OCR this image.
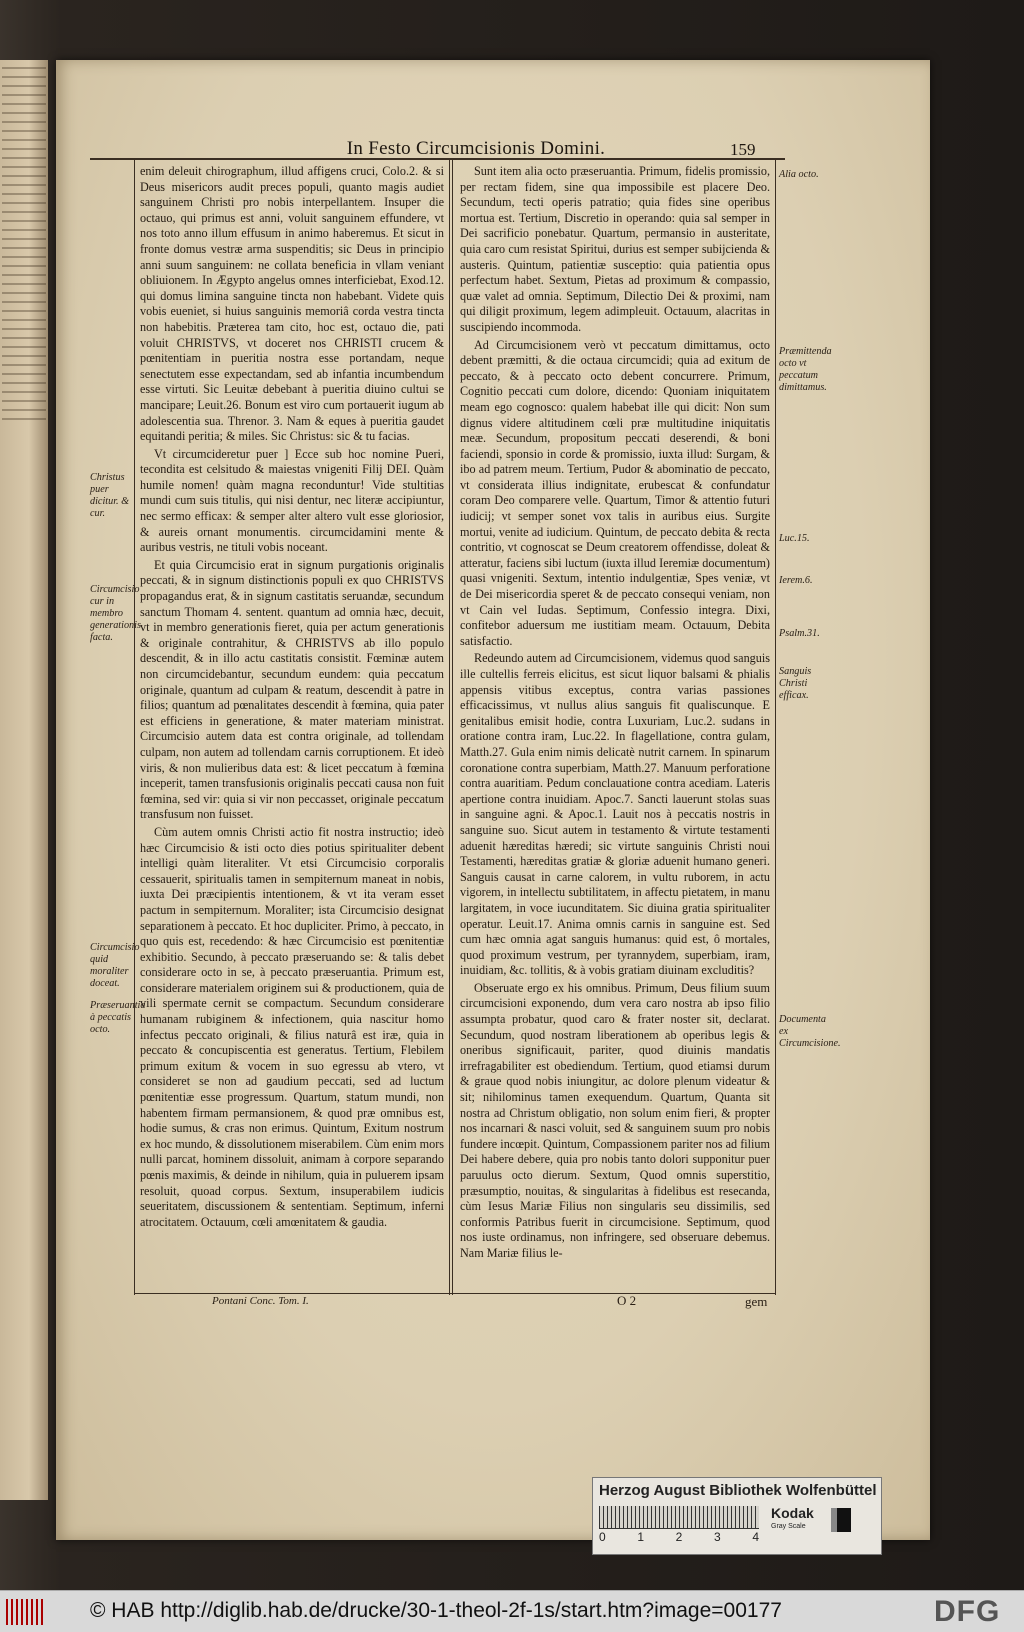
In Festo Circumcisionis Domini.	159
Christus puer dicitur. & cur.
Circumcisio cur in membro generationis facta.
Circumcisio quid moraliter doceat.
Præseruantia à peccatis octo.

enim deleuit chirographum, illud affigens cruci, Colo.2. & si Deus misericors audit preces populi, quanto magis audiet sanguinem Christi pro nobis interpellantem. Insuper die octauo, qui primus est anni, voluit sanguinem effundere, vt nos toto anno illum effusum in animo haberemus. Et sicut in fronte domus vestræ arma suspenditis; sic Deus in principio anni suum sanguinem: ne collata beneficia in vllam veniant obliuionem. In Ægypto angelus omnes interficiebat, Exod.12. qui domus limina sanguine tincta non habebant. Videte quis vobis eueniet, si huius sanguinis memoriâ corda vestra tincta non habebitis. Præterea tam cito, hoc est, octauo die, pati voluit CHRISTVS, vt doceret nos CHRISTI crucem & pœnitentiam in pueritia nostra esse portandam, neque senectutem esse expectandam, sed ab infantia incumbendum esse virtuti. Sic Leuitæ debebant à pueritia diuino cultui se mancipare; Leuit.26. Bonum est viro cum portauerit iugum ab adolescentia sua. Threnor. 3. Nam & eques à pueritia gaudet equitandi peritia; & miles. Sic Christus: sic & tu facias.

Vt circumcideretur puer ] Ecce sub hoc nomine Pueri, tecondita est celsitudo & maiestas vnigeniti Filij DEI. Quàm humile nomen! quàm magna reconduntur! Vide stultitias mundi cum suis titulis, qui nisi dentur, nec literæ accipiuntur, nec sermo efficax: & semper alter altero vult esse gloriosior, & aureis ornant monumentis. circumcidamini mente & auribus vestris, ne tituli vobis noceant.

Et quia Circumcisio erat in signum purgationis originalis peccati, & in signum distinctionis populi ex quo CHRISTVS propagandus erat, & in signum castitatis seruandæ, secundum sanctum Thomam 4. sentent. quantum ad omnia hæc, decuit, vt in membro generationis fieret, quia per actum generationis & originale contrahitur, & CHRISTVS ab illo populo descendit, & in illo actu castitatis consistit. Fœminæ autem non circumcidebantur, secundum eundem: quia peccatum originale, quantum ad culpam & reatum, descendit à patre in filios; quantum ad pœnalitates descendit à fœmina, quia pater est efficiens in generatione, & mater materiam ministrat. Circumcisio autem data est contra originale, ad tollendam culpam, non autem ad tollendam carnis corruptionem. Et ideò viris, & non mulieribus data est: & licet peccatum à fœmina inceperit, tamen transfusionis originalis peccati causa non fuit fœmina, sed vir: quia si vir non peccasset, originale peccatum transfusum non fuisset.

Cùm autem omnis Christi actio fit nostra instructio; ideò hæc Circumcisio & isti octo dies potius spiritualiter debent intelligi quàm literaliter. Vt etsi Circumcisio corporalis cessauerit, spiritualis tamen in sempiternum maneat in nobis, iuxta Dei præcipientis intentionem, & vt ita veram esset pactum in sempiternum. Moraliter; ista Circumcisio designat separationem à peccato. Et hoc dupliciter. Primo, à peccato, in quo quis est, recedendo: & hæc Circumcisio est pœnitentiæ exhibitio. Secundo, à peccato præseruando se: & talis debet considerare octo in se, à peccato præseruantia. Primum est, considerare materialem originem sui & productionem, quia de vili spermate cernit se compactum. Secundum considerare humanam rubiginem & infectionem, quia nascitur homo infectus peccato originali, & filius naturâ est iræ, quia in peccato & concupiscentia est generatus. Tertium, Flebilem primum exitum & vocem in suo egressu ab vtero, vt consideret se non ad gaudium peccati, sed ad luctum pœnitentiæ esse progressum. Quartum, statum mundi, non habentem firmam permansionem, & quod præ omnibus est, hodie sumus, & cras non erimus. Quintum, Exitum nostrum ex hoc mundo, & dissolutionem miserabilem. Cùm enim mors nulli parcat, hominem dissoluit, animam à corpore separando pœnis maximis, & deinde in nihilum, quia in puluerem ipsam resoluit, quoad corpus. Sextum, insuperabilem iudicis seueritatem, discussionem & sententiam. Septimum, inferni atrocitatem. Octauum, cœli amœnitatem & gaudia.

Sunt item alia octo præseruantia. Primum, fidelis promissio, per rectam fidem, sine qua impossibile est placere Deo. Secundum, tecti operis patratio; quia fides sine operibus mortua est. Tertium, Discretio in operando: quia sal semper in Dei sacrificio ponebatur. Quartum, permansio in austeritate, quia caro cum resistat Spiritui, durius est semper subijcienda & austeris. Quintum, patientiæ susceptio: quia patientia opus perfectum habet. Sextum, Pietas ad proximum & compassio, quæ valet ad omnia. Septimum, Dilectio Dei & proximi, nam qui diligit proximum, legem adimpleuit. Octauum, alacritas in suscipiendo incommoda.

Ad Circumcisionem verò vt peccatum dimittamus, octo debent præmitti, & die octaua circumcidi; quia ad exitum de peccato, & à peccato octo debent concurrere. Primum, Cognitio peccati cum dolore, dicendo: Quoniam iniquitatem meam ego cognosco: qualem habebat ille qui dicit: Non sum dignus videre altitudinem cœli præ multitudine iniquitatis meæ. Secundum, propositum peccati deserendi, & boni faciendi, sponsio in corde & promissio, iuxta illud: Surgam, & ibo ad patrem meum. Tertium, Pudor & abominatio de peccato, vt considerata illius indignitate, erubescat & confundatur coram Deo comparere velle. Quartum, Timor & attentio futuri iudicij; vt semper sonet vox talis in auribus eius. Surgite mortui, venite ad iudicium. Quintum, de peccato debita & recta contritio, vt cognoscat se Deum creatorem offendisse, doleat & atteratur, faciens sibi luctum (iuxta illud Ieremiæ documentum) quasi vnigeniti. Sextum, intentio indulgentiæ, Spes veniæ, vt de Dei misericordia speret & de peccato consequi veniam, non vt Cain vel Iudas. Septimum, Confessio integra. Dixi, confitebor aduersum me iustitiam meam. Octauum, Debita satisfactio.

Redeundo autem ad Circumcisionem, videmus quod sanguis ille cultellis ferreis elicitus, est sicut liquor balsami & phialis appensis vitibus exceptus, contra varias passiones efficacissimus, vt nullus alius sanguis fit qualiscunque. E genitalibus emisit hodie, contra Luxuriam, Luc.2. sudans in oratione contra iram, Luc.22. In flagellatione, contra gulam, Matth.27. Gula enim nimis delicatè nutrit carnem. In spinarum coronatione contra superbiam, Matth.27. Manuum perforatione contra auaritiam. Pedum conclauatione contra acediam. Lateris apertione contra inuidiam. Apoc.7. Sancti lauerunt stolas suas in sanguine agni. & Apoc.1. Lauit nos à peccatis nostris in sanguine suo. Sicut autem in testamento & virtute testamenti aduenit hæreditas hæredi; sic virtute sanguinis Christi noui Testamenti, hæreditas gratiæ & gloriæ aduenit humano generi. Sanguis causat in carne calorem, in vultu ruborem, in actu vigorem, in intellectu subtilitatem, in affectu pietatem, in manu largitatem, in voce iucunditatem. Sic diuina gratia spiritualiter operatur. Leuit.17. Anima omnis carnis in sanguine est. Sed cum hæc omnia agat sanguis humanus: quid est, ô mortales, quod proximum vestrum, per tyrannydem, superbiam, iram, inuidiam, &c. tollitis, & à vobis gratiam diuinam excluditis?

Obseruate ergo ex his omnibus. Primum, Deus filium suum circumcisioni exponendo, dum vera caro nostra ab ipso filio assumpta probatur, quod caro & frater noster sit, declarat. Secundum, quod nostram liberationem ab operibus legis & oneribus significauit, pariter, quod diuinis mandatis irrefragabiliter est obediendum. Tertium, quod etiamsi durum & graue quod nobis iniungitur, ac dolore plenum videatur & sit; nihilominus tamen exequendum. Quartum, Quanta sit nostra ad Christum obligatio, non solum enim fieri, & propter nos incarnari & nasci voluit, sed & sanguinem suum pro nobis fundere incœpit. Quintum, Compassionem pariter nos ad filium Dei habere debere, quia pro nobis tanto dolori supponitur puer paruulus octo dierum. Sextum, Quod omnis superstitio, præsumptio, nouitas, & singularitas à fidelibus est resecanda, cùm Iesus Mariæ Filius non singularis seu dissimilis, sed conformis Patribus fuerit in circumcisione. Septimum, quod nos iuste ordinamus, non infringere, sed obseruare debemus. Nam Mariæ filius le-

Alia octo.
Præmittenda octo vt peccatum dimittamus.
Luc.15.
Ierem.6.
Psalm.31.
Sanguis Christi efficax.
Documenta ex Circumcisione.
Pontani Conc. Tom. I.	O 2	gem
Herzog August Bibliothek Wolfenbüttel
0	1	2	3	4
Kodak
Gray Scale
© HAB http://diglib.hab.de/drucke/30-1-theol-2f-1s/start.htm?image=00177	DFG
